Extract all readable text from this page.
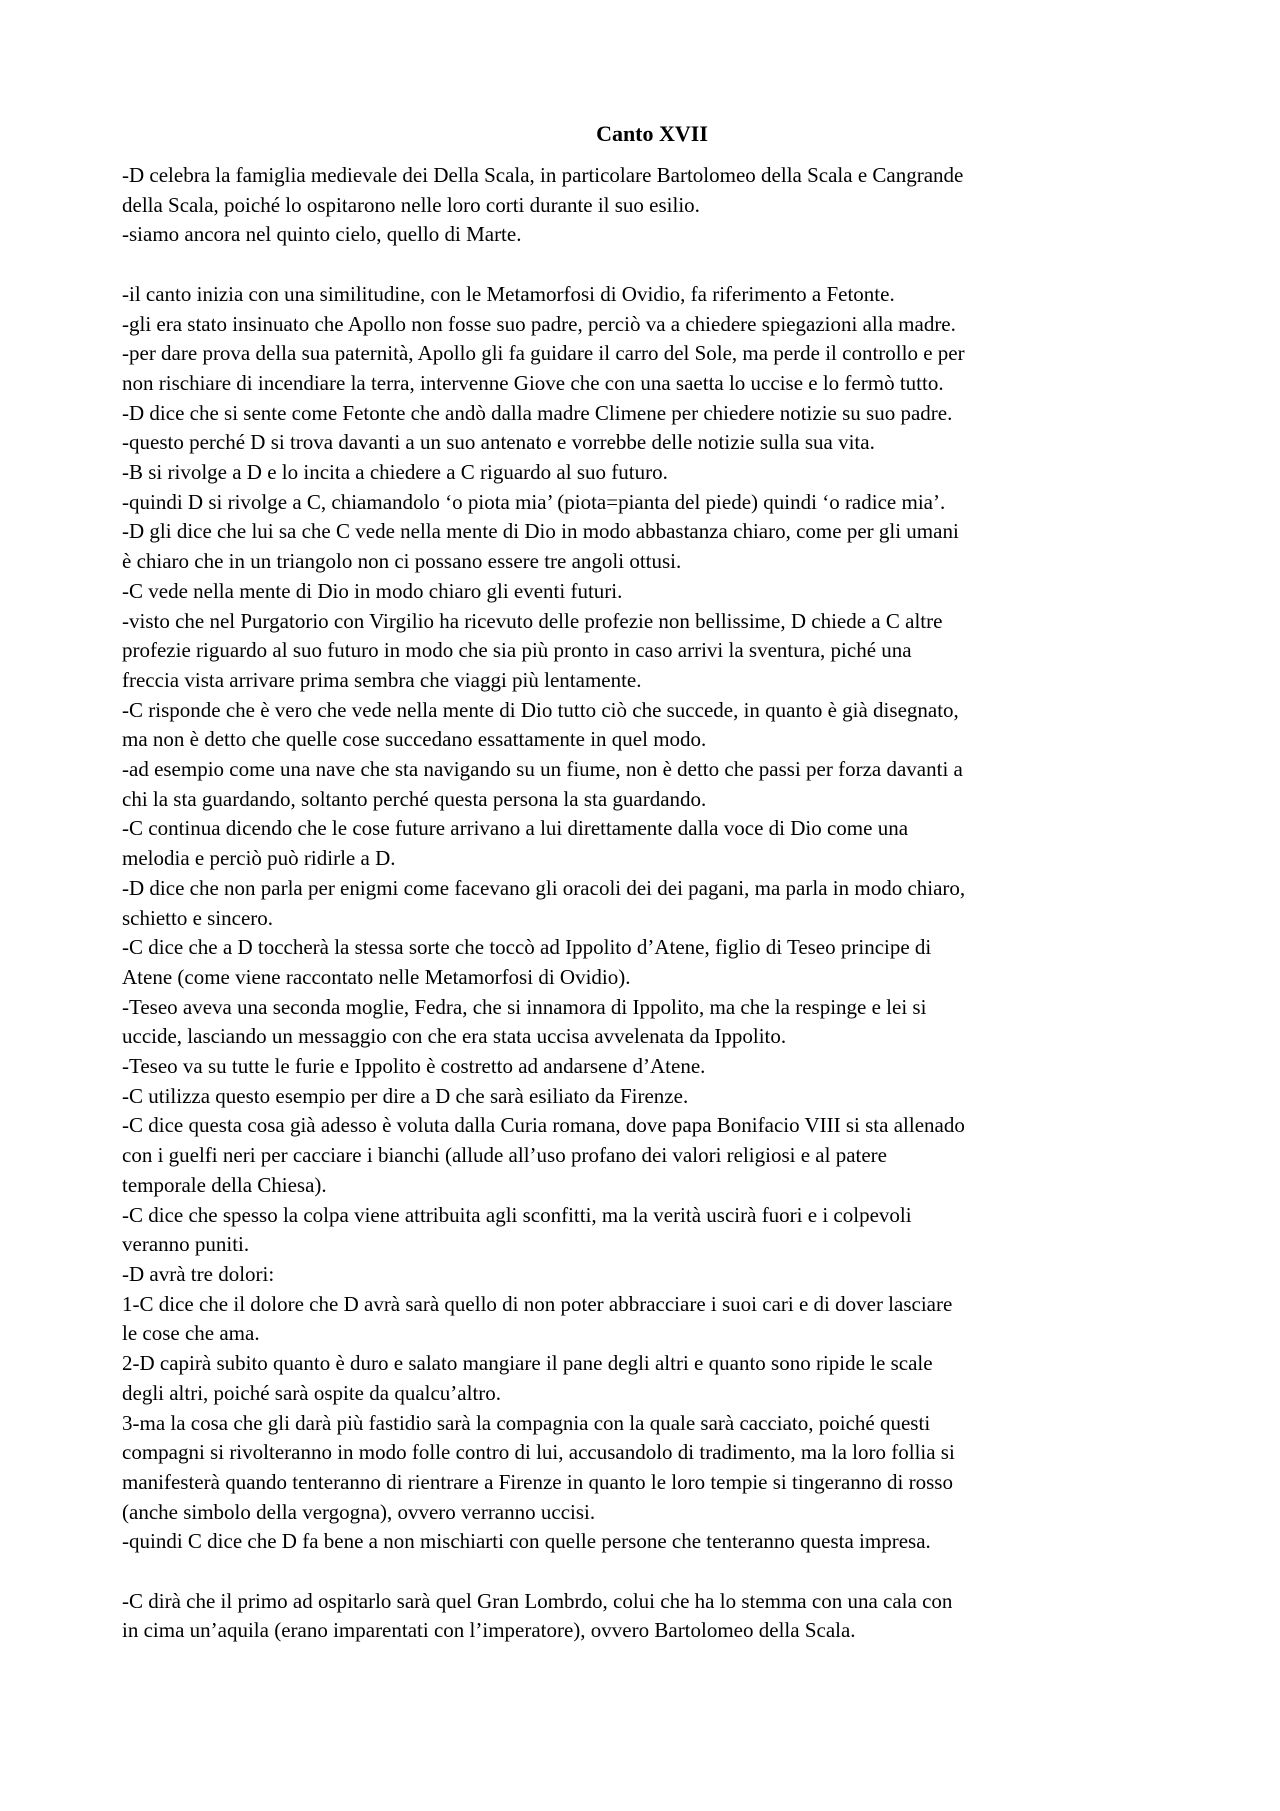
Canto XVII

-D celebra la famiglia medievale dei Della Scala, in particolare Bartolomeo della Scala e Cangrande
della Scala, poiché lo ospitarono nelle loro corti durante il suo esilio.
-siamo ancora nel quinto cielo, quello di Marte.

-il canto inizia con una similitudine, con le Metamorfosi di Ovidio, fa riferimento a Fetonte.
-gli era stato insinuato che Apollo non fosse suo padre, perciò va a chiedere spiegazioni alla madre.
-per dare prova della sua paternità, Apollo gli fa guidare il carro del Sole, ma perde il controllo e per
non rischiare di incendiare la terra, intervenne Giove che con una saetta lo uccise e lo fermò tutto.
-D dice che si sente come Fetonte che andò dalla madre Climene per chiedere notizie su suo padre.
-questo perché D si trova davanti a un suo antenato e vorrebbe delle notizie sulla sua vita.
-B si rivolge a D e lo incita a chiedere a C riguardo al suo futuro.
-quindi D si rivolge a C, chiamandolo ‘o piota mia’ (piota=pianta del piede) quindi ‘o radice mia’.
-D gli dice che lui sa che C vede nella mente di Dio in modo abbastanza chiaro, come per gli umani
è chiaro che in un triangolo non ci possano essere tre angoli ottusi.
-C vede nella mente di Dio in modo chiaro gli eventi futuri.
-visto che nel Purgatorio con Virgilio ha ricevuto delle profezie non bellissime, D chiede a C altre
profezie riguardo al suo futuro in modo che sia più pronto in caso arrivi la sventura, piché una
freccia vista arrivare prima sembra che viaggi più lentamente.
-C risponde che è vero che vede nella mente di Dio tutto ciò che succede, in quanto è già disegnato,
ma non è detto che quelle cose succedano essattamente in quel modo.
-ad esempio come una nave che sta navigando su un fiume, non è detto che passi per forza davanti a
chi la sta guardando, soltanto perché questa persona la sta guardando.
-C continua dicendo che le cose future arrivano a lui direttamente dalla voce di Dio come una
melodia e perciò può ridirle a D.
-D dice che non parla per enigmi come facevano gli oracoli dei dei pagani, ma parla in modo chiaro,
schietto e sincero.
-C dice che a D toccherà la stessa sorte che toccò ad Ippolito d’Atene, figlio di Teseo principe di
Atene (come viene raccontato nelle Metamorfosi di Ovidio).
-Teseo aveva una seconda moglie, Fedra, che si innamora di Ippolito, ma che la respinge e lei si
uccide, lasciando un messaggio con che era stata uccisa avvelenata da Ippolito.
-Teseo va su tutte le furie e Ippolito è costretto ad andarsene d’Atene.
-C utilizza questo esempio per dire a D che sarà esiliato da Firenze.
-C dice questa cosa già adesso è voluta dalla Curia romana, dove papa Bonifacio VIII si sta allenado
con i guelfi neri per cacciare i bianchi (allude all’uso profano dei valori religiosi e al patere
temporale della Chiesa).
-C dice che spesso la colpa viene attribuita agli sconfitti, ma la verità uscirà fuori e i colpevoli
veranno puniti.
-D avrà tre dolori:
1-C dice che il dolore che D avrà sarà quello di non poter abbracciare i suoi cari e di dover lasciare
le cose che ama.
2-D capirà subito quanto è duro e salato mangiare il pane degli altri e quanto sono ripide le scale
degli altri, poiché sarà ospite da qualcu’altro.
3-ma la cosa che gli darà più fastidio sarà la compagnia con la quale sarà cacciato, poiché questi
compagni si rivolteranno in modo folle contro di lui, accusandolo di tradimento, ma la loro follia si
manifesterà quando tenteranno di rientrare a Firenze in quanto le loro tempie si tingeranno di rosso
(anche simbolo della vergogna), ovvero verranno uccisi.
-quindi C dice che D fa bene a non mischiarti con quelle persone che tenteranno questa impresa.

-C dirà che il primo ad ospitarlo sarà quel Gran Lombrdo, colui che ha lo stemma con una cala con
in cima un’aquila (erano imparentati con l’imperatore), ovvero Bartolomeo della Scala.
